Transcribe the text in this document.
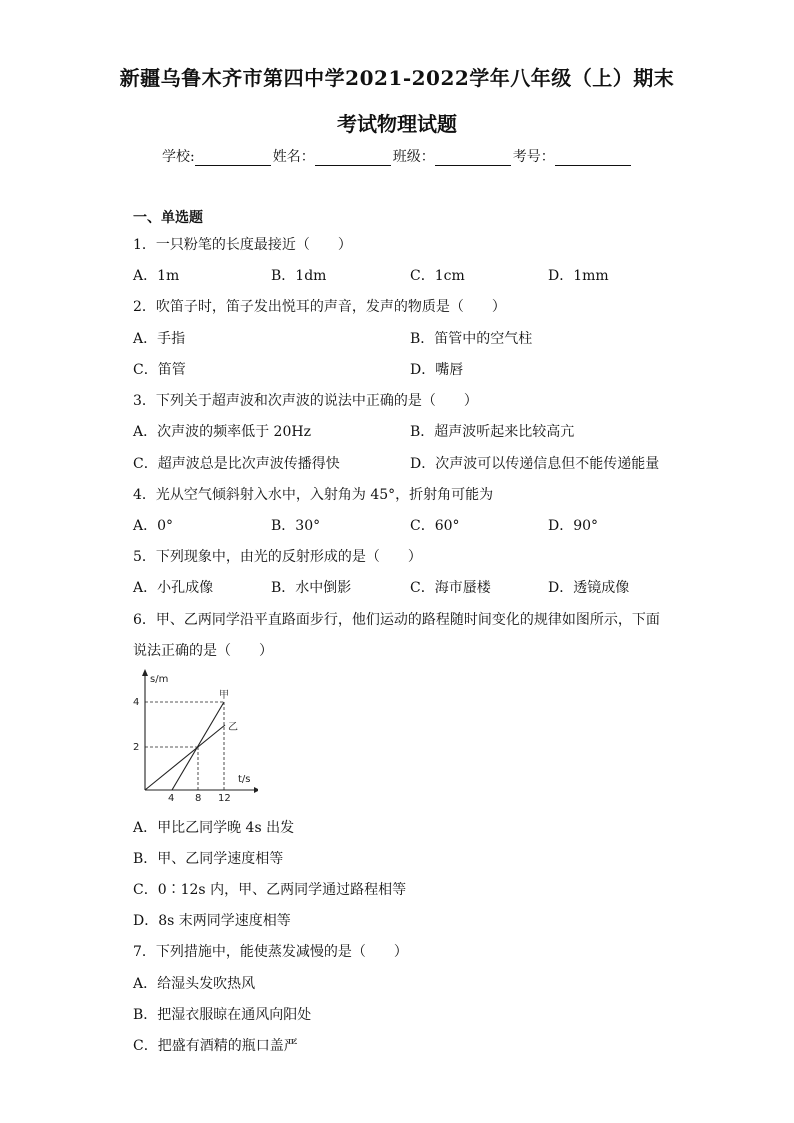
新疆乌鲁木齐市第四中学2021-2022学年八年级（上）期末
考试物理试题
学校:	姓名：	班级：	考号：
一、单选题
1．一只粉笔的长度最接近（　　）
A．1m	B．1dm	C．1cm	D．1mm
2．吹笛子时，笛子发出悦耳的声音，发声的物质是（　　）
A．手指	B．笛管中的空气柱
C．笛管	D．嘴唇
3．下列关于超声波和次声波的说法中正确的是（　　）
A．次声波的频率低于 20Hz	B．超声波听起来比较高亢
C．超声波总是比次声波传播得快	D．次声波可以传递信息但不能传递能量
4．光从空气倾斜射入水中，入射角为 45°，折射角可能为
A．0°	B．30°	C．60°	D．90°
5．下列现象中，由光的反射形成的是（　　）
A．小孔成像	B．水中倒影	C．海市蜃楼	D．透镜成像
6．甲、乙两同学沿平直路面步行，他们运动的路程随时间变化的规律如图所示，下面
说法正确的是（　　）
s/m
t/s
4
2
4 8 12
甲
乙
A．甲比乙同学晚 4s 出发
B．甲、乙同学速度相等
C．0∶12s 内，甲、乙两同学通过路程相等
D．8s 末两同学速度相等
7．下列措施中，能使蒸发减慢的是（　　）
A．给湿头发吹热风
B．把湿衣服晾在通风向阳处
C．把盛有酒精的瓶口盖严
